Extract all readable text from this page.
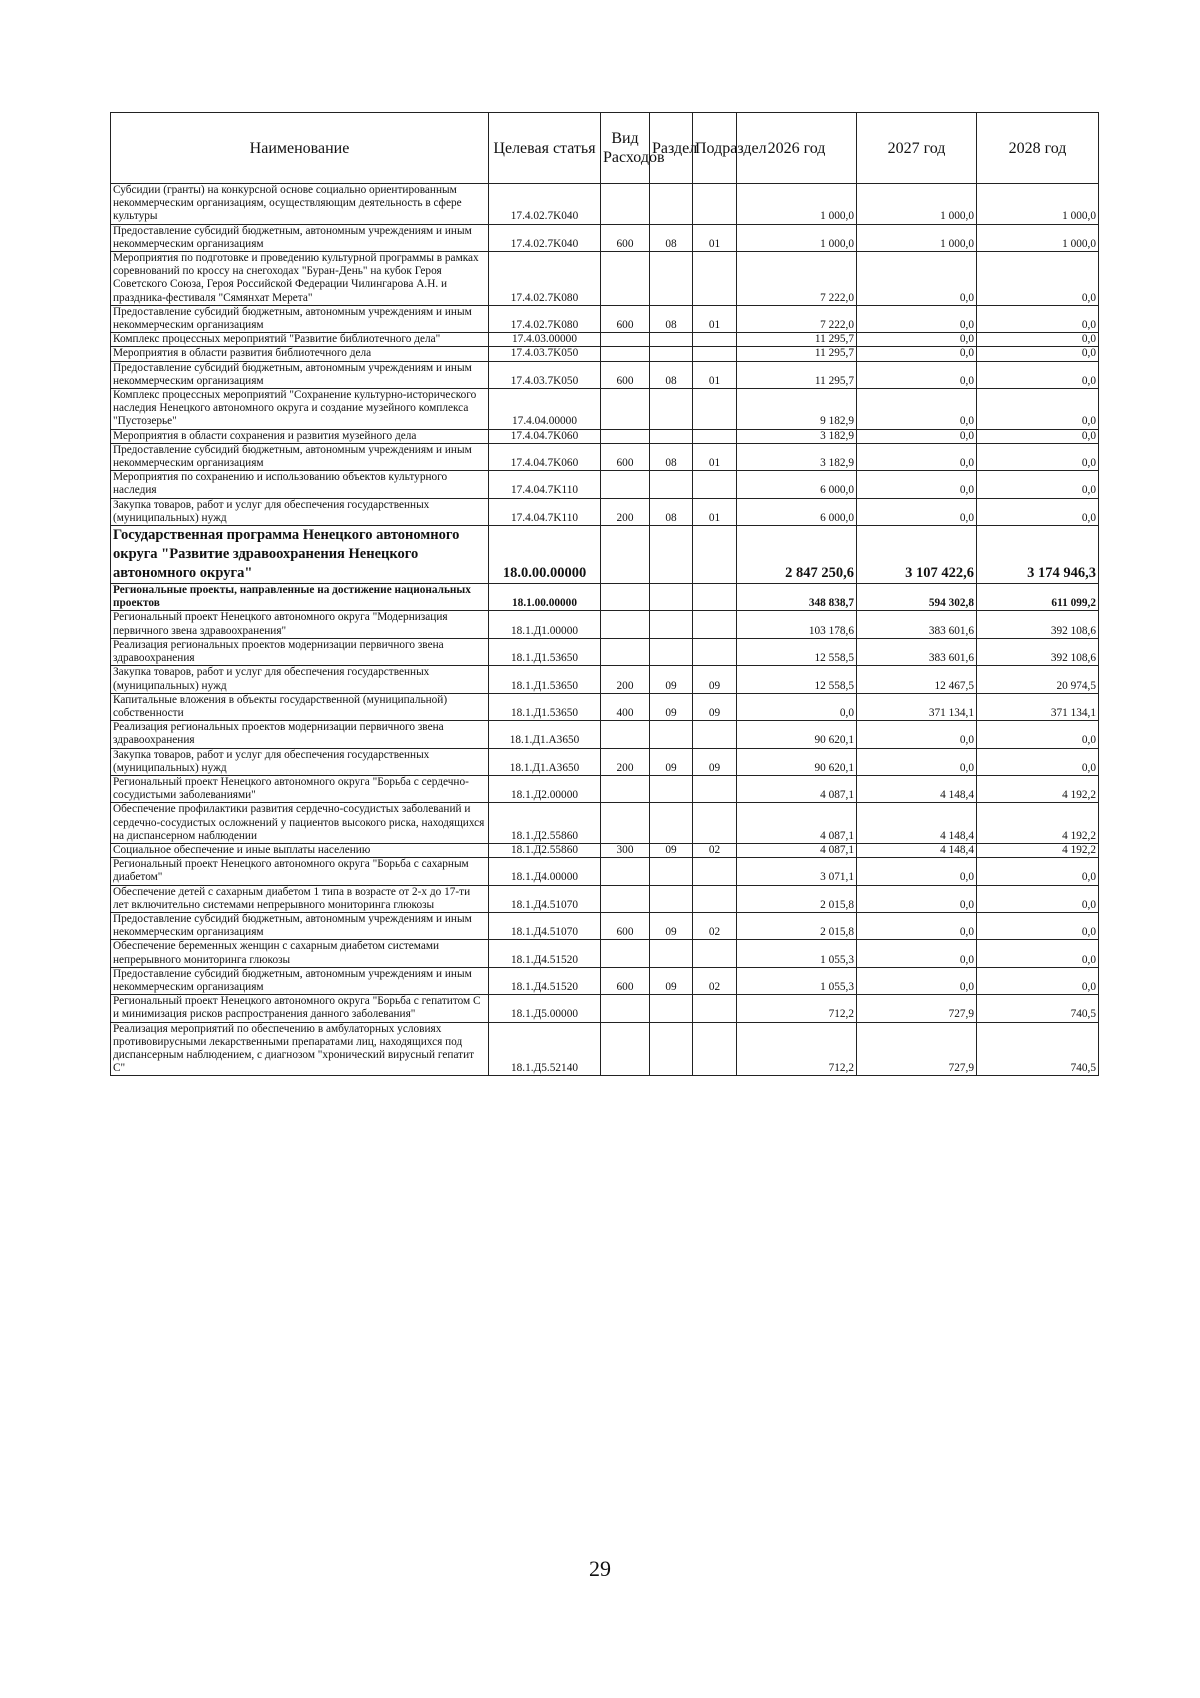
Наименование	Целевая статья	Вид Расходов	Раздел	Подраздел	2026 год	2027 год	2028 год
Субсидии (гранты) на конкурсной основе социально ориентированным некоммерческим организациям, осуществляющим деятельность в сфере культуры	17.4.02.7K040				1 000,0	1 000,0	1 000,0
Предоставление субсидий бюджетным, автономным учреждениям и иным некоммерческим организациям	17.4.02.7K040	600	08	01	1 000,0	1 000,0	1 000,0
Мероприятия по подготовке и проведению культурной программы в рамках соревнований по кроссу на снегоходах "Буран-День" на кубок Героя Советского Союза, Героя Российской Федерации Чилингарова А.Н. и праздника-фестиваля "Сямянхат Мерета"	17.4.02.7K080				7 222,0	0,0	0,0
Предоставление субсидий бюджетным, автономным учреждениям и иным некоммерческим организациям	17.4.02.7K080	600	08	01	7 222,0	0,0	0,0
Комплекс процессных мероприятий "Развитие библиотечного дела"	17.4.03.00000				11 295,7	0,0	0,0
Мероприятия в области развития библиотечного дела	17.4.03.7K050				11 295,7	0,0	0,0
Предоставление субсидий бюджетным, автономным учреждениям и иным некоммерческим организациям	17.4.03.7K050	600	08	01	11 295,7	0,0	0,0
Комплекс процессных мероприятий "Сохранение культурно-исторического наследия Ненецкого автономного округа и создание музейного комплекса "Пустозерье"	17.4.04.00000				9 182,9	0,0	0,0
Мероприятия в области сохранения и развития музейного дела	17.4.04.7K060				3 182,9	0,0	0,0
Предоставление субсидий бюджетным, автономным учреждениям и иным некоммерческим организациям	17.4.04.7K060	600	08	01	3 182,9	0,0	0,0
Мероприятия по сохранению и использованию объектов культурного наследия	17.4.04.7K110				6 000,0	0,0	0,0
Закупка товаров, работ и услуг для обеспечения государственных (муниципальных) нужд	17.4.04.7K110	200	08	01	6 000,0	0,0	0,0
Государственная программа Ненецкого автономного округа "Развитие здравоохранения Ненецкого автономного округа"	18.0.00.00000				2 847 250,6	3 107 422,6	3 174 946,3
Региональные проекты, направленные на достижение национальных проектов	18.1.00.00000				348 838,7	594 302,8	611 099,2
Региональный проект Ненецкого автономного округа "Модернизация первичного звена здравоохранения"	18.1.Д1.00000				103 178,6	383 601,6	392 108,6
Реализация региональных проектов модернизации первичного звена здравоохранения	18.1.Д1.53650				12 558,5	383 601,6	392 108,6
Закупка товаров, работ и услуг для обеспечения государственных (муниципальных) нужд	18.1.Д1.53650	200	09	09	12 558,5	12 467,5	20 974,5
Капитальные вложения в объекты государственной (муниципальной) собственности	18.1.Д1.53650	400	09	09	0,0	371 134,1	371 134,1
Реализация региональных проектов модернизации первичного звена здравоохранения	18.1.Д1.А3650				90 620,1	0,0	0,0
Закупка товаров, работ и услуг для обеспечения государственных (муниципальных) нужд	18.1.Д1.А3650	200	09	09	90 620,1	0,0	0,0
Региональный проект Ненецкого автономного округа "Борьба с сердечно-сосудистыми заболеваниями"	18.1.Д2.00000				4 087,1	4 148,4	4 192,2
Обеспечение профилактики развития сердечно-сосудистых заболеваний и сердечно-сосудистых осложнений у пациентов высокого риска, находящихся на диспансерном наблюдении	18.1.Д2.55860				4 087,1	4 148,4	4 192,2
Социальное обеспечение и иные выплаты населению	18.1.Д2.55860	300	09	02	4 087,1	4 148,4	4 192,2
Региональный проект Ненецкого автономного округа "Борьба с сахарным диабетом"	18.1.Д4.00000				3 071,1	0,0	0,0
Обеспечение детей с сахарным диабетом 1 типа в возрасте от 2-х до 17-ти лет включительно системами непрерывного мониторинга глюкозы	18.1.Д4.51070				2 015,8	0,0	0,0
Предоставление субсидий бюджетным, автономным учреждениям и иным некоммерческим организациям	18.1.Д4.51070	600	09	02	2 015,8	0,0	0,0
Обеспечение беременных женщин с сахарным диабетом системами непрерывного мониторинга глюкозы	18.1.Д4.51520				1 055,3	0,0	0,0
Предоставление субсидий бюджетным, автономным учреждениям и иным некоммерческим организациям	18.1.Д4.51520	600	09	02	1 055,3	0,0	0,0
Региональный проект Ненецкого автономного округа "Борьба с гепатитом С и минимизация рисков распространения данного заболевания"	18.1.Д5.00000				712,2	727,9	740,5
Реализация мероприятий по обеспечению в амбулаторных условиях противовирусными лекарственными препаратами лиц, находящихся под диспансерным наблюдением, с диагнозом "хронический вирусный гепатит С"	18.1.Д5.52140				712,2	727,9	740,5
29
